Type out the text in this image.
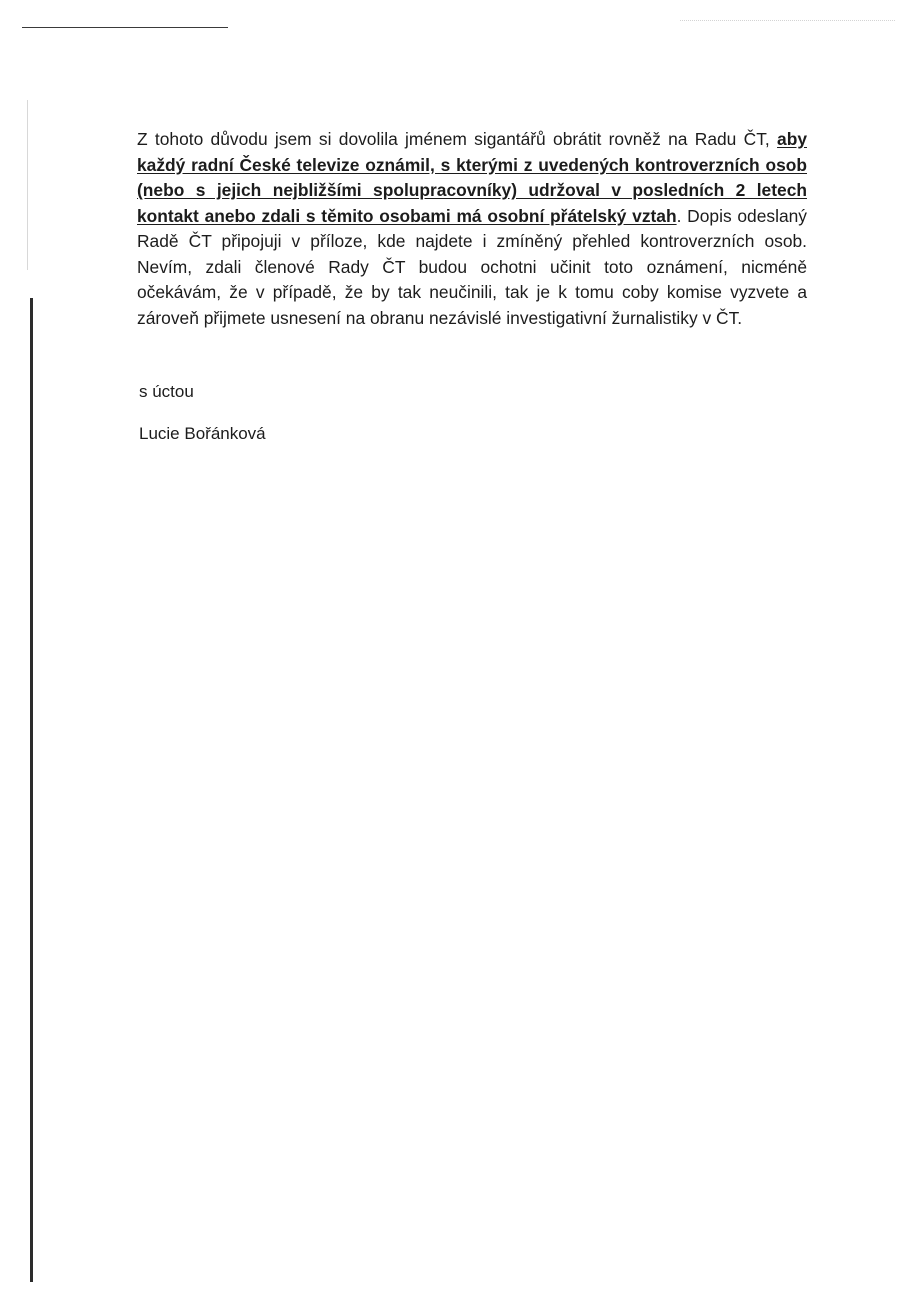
Z tohoto důvodu jsem si dovolila jménem sigantářů obrátit rovněž na Radu ČT, aby každý radní České televize oznámil, s kterými z uvedených kontroverzních osob (nebo s jejich nejbližšími spolupracovníky) udržoval v posledních 2 letech kontakt anebo zdali s těmito osobami má osobní přátelský vztah. Dopis odeslaný Radě ČT připojuji v příloze, kde najdete i zmíněný přehled kontroverzních osob. Nevím, zdali členové Rady ČT budou ochotni učinit toto oznámení, nicméně očekávám, že v případě, že by tak neučinili, tak je k tomu coby komise vyzvete a zároveň přijmete usnesení na obranu nezávislé investigativní žurnalistiky v ČT.

s úctou

Lucie Bořánková
